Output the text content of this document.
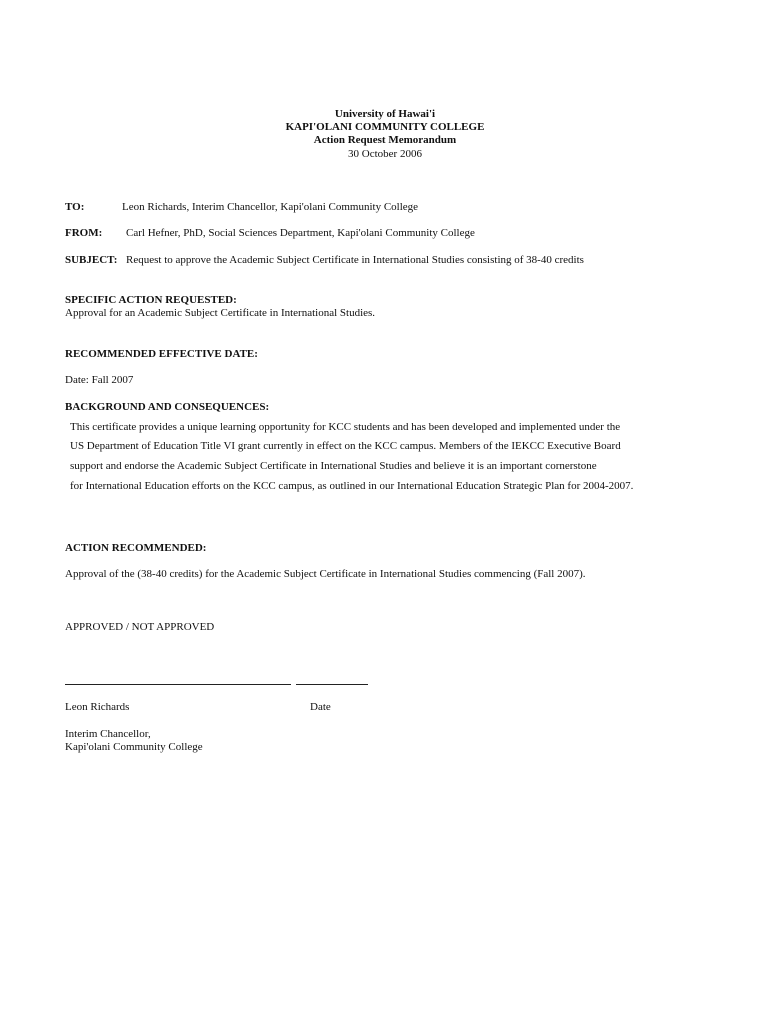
University of Hawai'i
KAPI'OLANI COMMUNITY COLLEGE
Action Request Memorandum
30 October 2006
TO:	Leon Richards, Interim Chancellor, Kapi'olani Community College
FROM: Carl Hefner, PhD, Social Sciences Department, Kapi'olani Community College
SUBJECT: Request to approve the Academic Subject Certificate in International Studies consisting of 38-40 credits
SPECIFIC ACTION REQUESTED:
Approval for an Academic Subject Certificate in International Studies.
RECOMMENDED EFFECTIVE DATE:
Date: Fall 2007
BACKGROUND AND CONSEQUENCES:
This certificate provides a unique learning opportunity for KCC students and has been developed and implemented under the
US Department of Education Title VI grant currently in effect on the KCC campus. Members of the IEKCC Executive Board
support and endorse the Academic Subject Certificate in International Studies and believe it is an important cornerstone
for International Education efforts on the KCC campus, as outlined in our International Education Strategic Plan for 2004-2007.
ACTION RECOMMENDED:
Approval of the (38-40 credits) for the Academic Subject Certificate in International Studies commencing (Fall 2007).
APPROVED / NOT APPROVED
Leon Richards	Date
Interim Chancellor,
Kapi'olani Community College
